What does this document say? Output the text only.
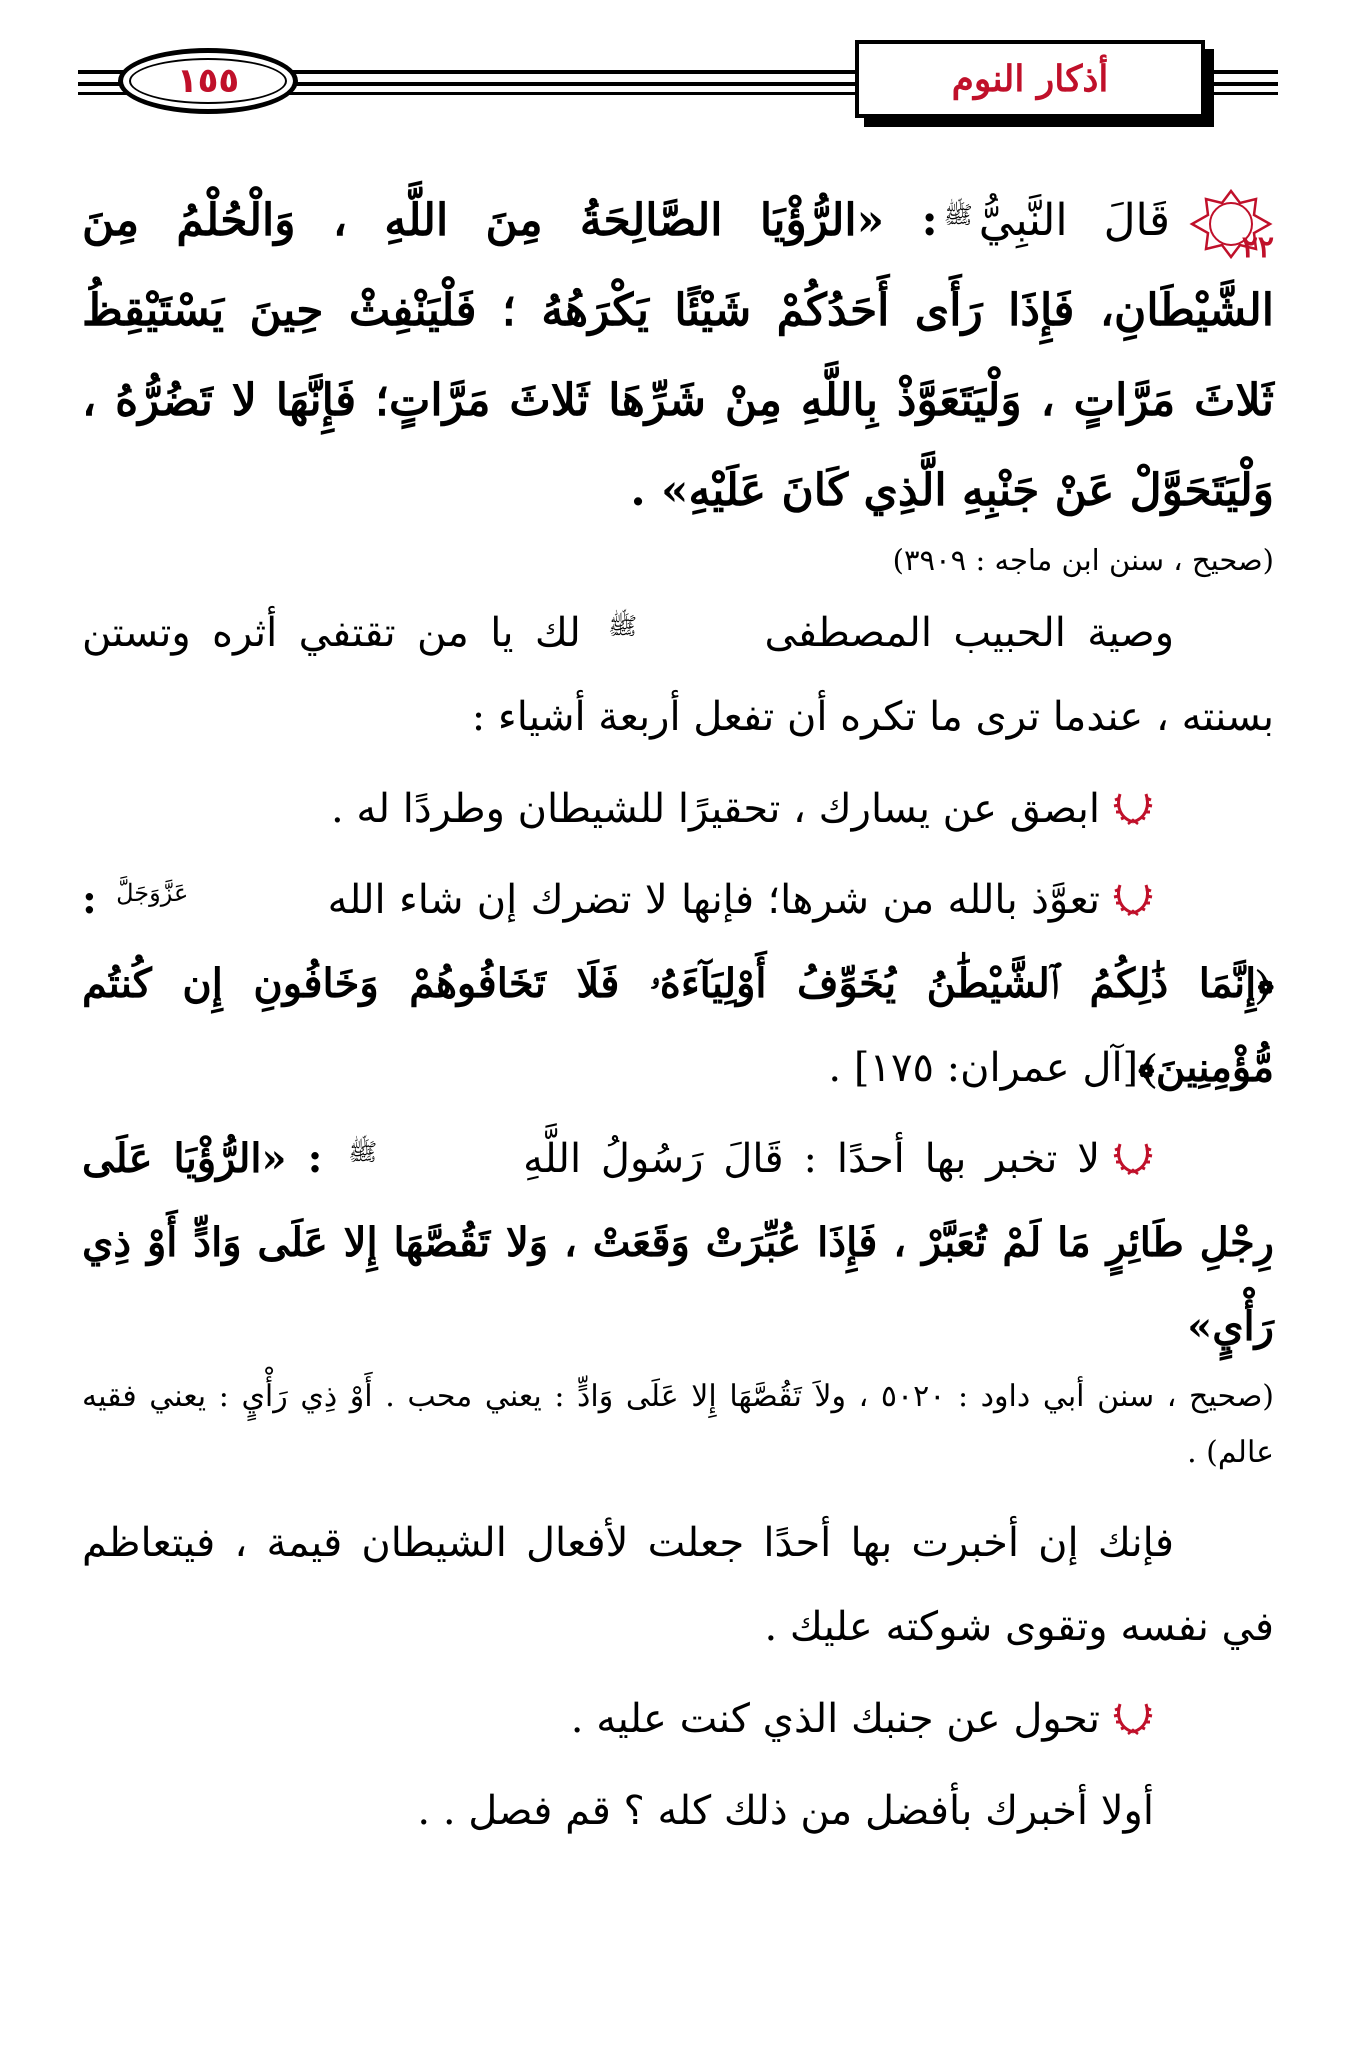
١٥٥	أذكار النوم

٢٢
قَالَ النَّبِيُّﷺ: «الرُّؤْيَا الصَّالِحَةُ مِنَ اللَّهِ ، وَالْحُلْمُ مِنَ الشَّيْطَانِ، فَإِذَا رَأَى أَحَدُكُمْ شَيْئًا يَكْرَهُهُ ؛ فَلْيَنْفِثْ حِينَ يَسْتَيْقِظُ ثَلاثَ مَرَّاتٍ ، وَلْيَتَعَوَّذْ بِاللَّهِ مِنْ شَرِّهَا ثَلاثَ مَرَّاتٍ؛ فَإِنَّهَا لا تَضُرُّهُ ، وَلْيَتَحَوَّلْ عَنْ جَنْبِهِ الَّذِي كَانَ عَلَيْهِ» .

(صحيح ، سنن ابن ماجه : ٣٩٠٩)

وصية الحبيب المصطفى ﷺ لك يا من تقتفي أثره وتستن بسنته ، عندما ترى ما تكره أن تفعل أربعة أشياء :

ابصق عن يسارك ، تحقيرًا للشيطان وطردًا له .

تعوَّذ بالله من شرها؛ فإنها لا تضرك إن شاء الله عَزَّوَجَلَّ : ﴿إِنَّمَا ذَٰلِكُمُ ٱلشَّيْطَٰنُ يُخَوِّفُ أَوْلِيَآءَهُۥ فَلَا تَخَافُوهُمْ وَخَافُونِ إِن كُنتُم مُّؤْمِنِينَ﴾[آل عمران: ١٧٥] .

لا تخبر بها أحدًا : قَالَ رَسُولُ اللَّهِ ﷺ : «الرُّؤْيَا عَلَى رِجْلِ طَائِرٍ مَا لَمْ تُعَبَّرْ ، فَإِذَا عُبِّرَتْ وَقَعَتْ ، وَلا تَقُصَّهَا إِلا عَلَى وَادٍّ أَوْ ذِي رَأْيٍ»

(صحيح ، سنن أبي داود : ٥٠٢٠ ، ولاَ تَقُصَّهَا إِلا عَلَى وَادٍّ : يعني محب . أَوْ ذِي رَأْيٍ : يعني فقيه عالم) .

فإنك إن أخبرت بها أحدًا جعلت لأفعال الشيطان قيمة ، فيتعاظم في نفسه وتقوى شوكته عليك .

تحول عن جنبك الذي كنت عليه .

أولا أخبرك بأفضل من ذلك كله ؟ قم فصل . .
